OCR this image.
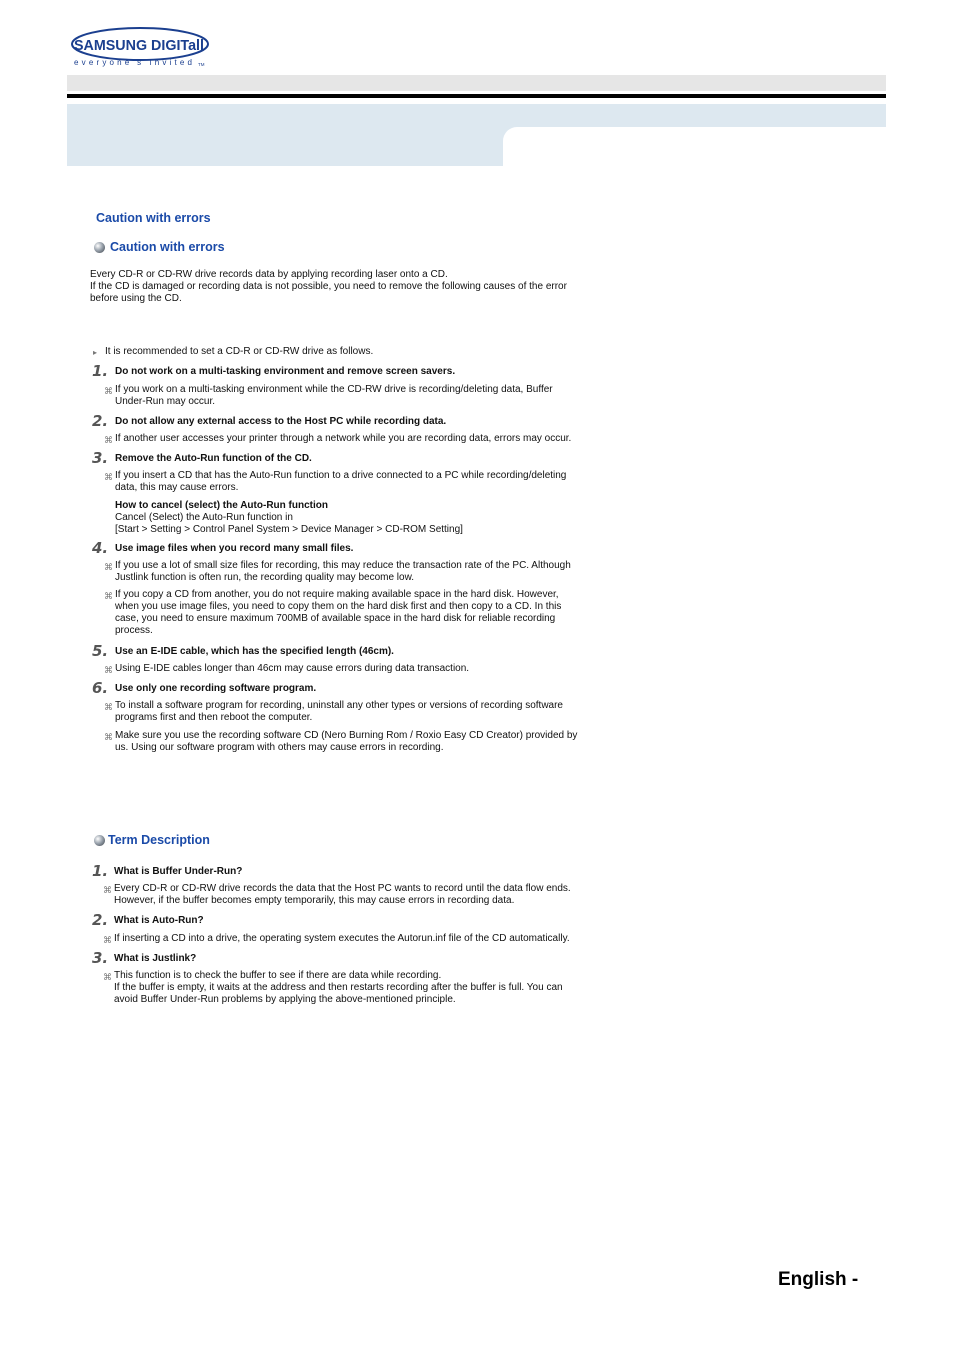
SAMSUNG DIGITall
everyone's invited TM
Caution with errors
Caution with errors
Every CD-R or CD-RW drive records data by applying recording laser onto a CD.
If the CD is damaged or recording data is not possible, you need to remove the following causes of the error
before using the CD.
▸ It is recommended to set a CD-R or CD-RW drive as follows.
1. Do not work on a multi-tasking environment and remove screen savers.
⌘ If you work on a multi-tasking environment while the CD-RW drive is recording/deleting data, Buffer
Under-Run may occur.
2. Do not allow any external access to the Host PC while recording data.
⌘ If another user accesses your printer through a network while you are recording data, errors may occur.
3. Remove the Auto-Run function of the CD.
⌘ If you insert a CD that has the Auto-Run function to a drive connected to a PC while recording/deleting
data, this may cause errors.
How to cancel (select) the Auto-Run function
Cancel (Select) the Auto-Run function in
[Start > Setting > Control Panel System > Device Manager > CD-ROM Setting]
4. Use image files when you record many small files.
⌘ If you use a lot of small size files for recording, this may reduce the transaction rate of the PC. Although
Justlink function is often run, the recording quality may become low.
⌘ If you copy a CD from another, you do not require making available space in the hard disk. However,
when you use image files, you need to copy them on the hard disk first and then copy to a CD. In this
case, you need to ensure maximum 700MB of available space in the hard disk for reliable recording
process.
5. Use an E-IDE cable, which has the specified length (46cm).
⌘ Using E-IDE cables longer than 46cm may cause errors during data transaction.
6. Use only one recording software program.
⌘ To install a software program for recording, uninstall any other types or versions of recording software
programs first and then reboot the computer.
⌘ Make sure you use the recording software CD (Nero Burning Rom / Roxio Easy CD Creator) provided by
us. Using our software program with others may cause errors in recording.
Term Description
1. What is Buffer Under-Run?
⌘ Every CD-R or CD-RW drive records the data that the Host PC wants to record until the data flow ends.
However, if the buffer becomes empty temporarily, this may cause errors in recording data.
2. What is Auto-Run?
⌘ If inserting a CD into a drive, the operating system executes the Autorun.inf file of the CD automatically.
3. What is Justlink?
⌘ This function is to check the buffer to see if there are data while recording.
If the buffer is empty, it waits at the address and then restarts recording after the buffer is full. You can
avoid Buffer Under-Run problems by applying the above-mentioned principle.
English -
